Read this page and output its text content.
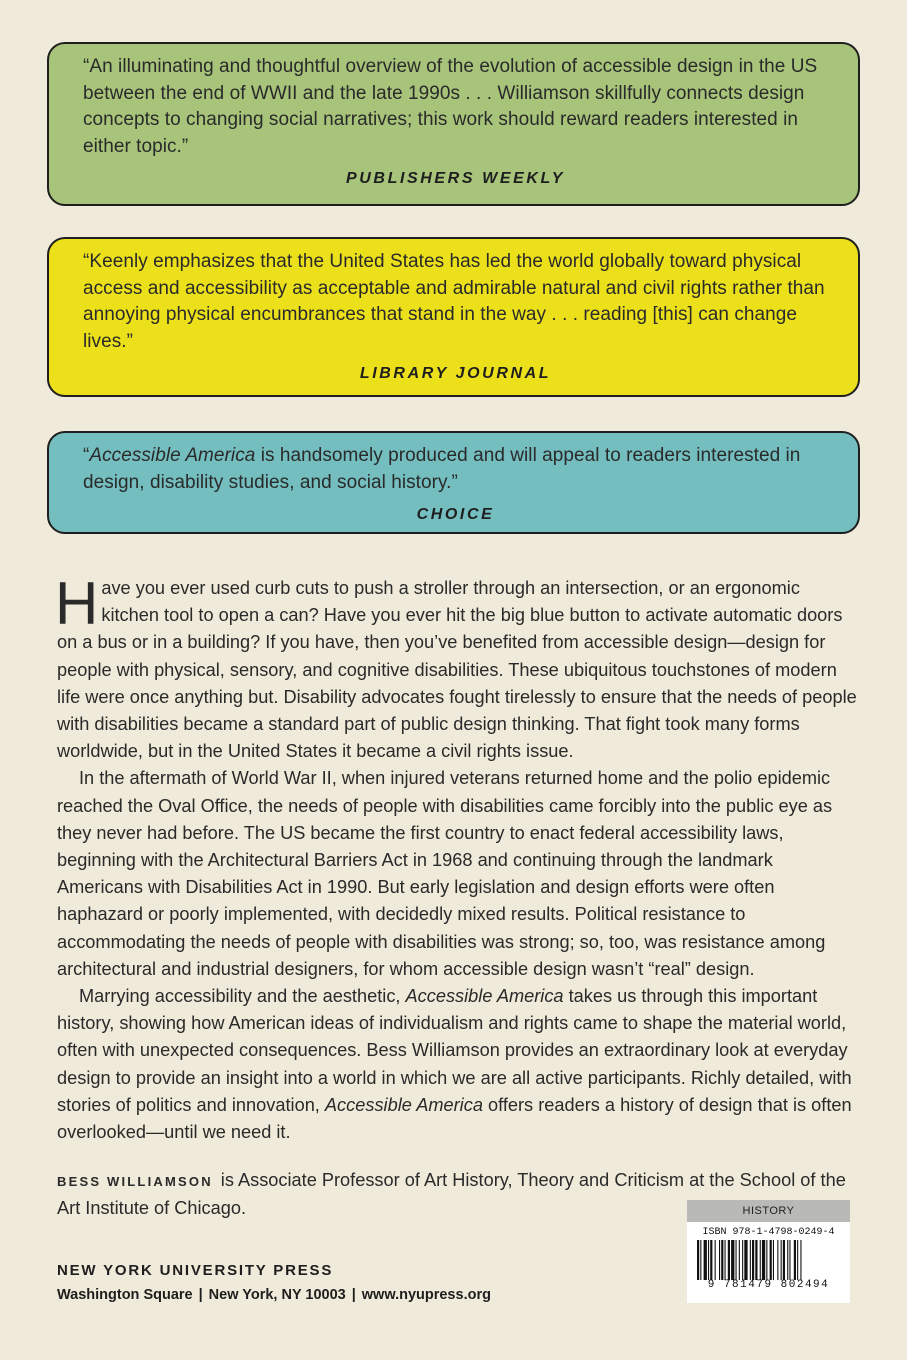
“An illuminating and thoughtful overview of the evolution of accessible design in the US between the end of WWII and the late 1990s . . . Williamson skillfully connects design concepts to changing social narratives; this work should reward readers interested in either topic.”
PUBLISHERS WEEKLY
“Keenly emphasizes that the United States has led the world globally toward physical access and accessibility as acceptable and admirable natural and civil rights rather than annoying physical encumbrances that stand in the way . . . reading [this] can change lives.”
LIBRARY JOURNAL
“Accessible America is handsomely produced and will appeal to readers interested in design, disability studies, and social history.”
CHOICE

Have you ever used curb cuts to push a stroller through an intersection, or an ergonomic kitchen tool to open a can? Have you ever hit the big blue button to activate automatic doors on a bus or in a building? If you have, then you’ve benefited from accessible design—design for people with physical, sensory, and cognitive disabilities. These ubiquitous touchstones of modern life were once anything but. Disability advocates fought tirelessly to ensure that the needs of people with disabilities became a standard part of public design thinking. That fight took many forms worldwide, but in the United States it became a civil rights issue.

In the aftermath of World War II, when injured veterans returned home and the polio epidemic reached the Oval Office, the needs of people with disabilities came forcibly into the public eye as they never had before. The US became the first country to enact federal accessibility laws, beginning with the Architectural Barriers Act in 1968 and continuing through the landmark Americans with Disabilities Act in 1990. But early legislation and design efforts were often haphazard or poorly implemented, with decidedly mixed results. Political resistance to accommodating the needs of people with disabilities was strong; so, too, was resistance among architectural and industrial designers, for whom accessible design wasn’t “real” design.

Marrying accessibility and the aesthetic, Accessible America takes us through this important history, showing how American ideas of individualism and rights came to shape the material world, often with unexpected consequences. Bess Williamson provides an extraordinary look at everyday design to provide an insight into a world in which we are all active participants. Richly detailed, with stories of politics and innovation, Accessible America offers readers a history of design that is often overlooked—until we need it.

BESS WILLIAMSON is Associate Professor of Art History, Theory and Criticism at the School of the Art Institute of Chicago.
NEW YORK UNIVERSITY PRESS
Washington Square | New York, NY 10003 | www.nyupress.org
HISTORY
ISBN 978-1-4798-0249-4
9 781479 802494
